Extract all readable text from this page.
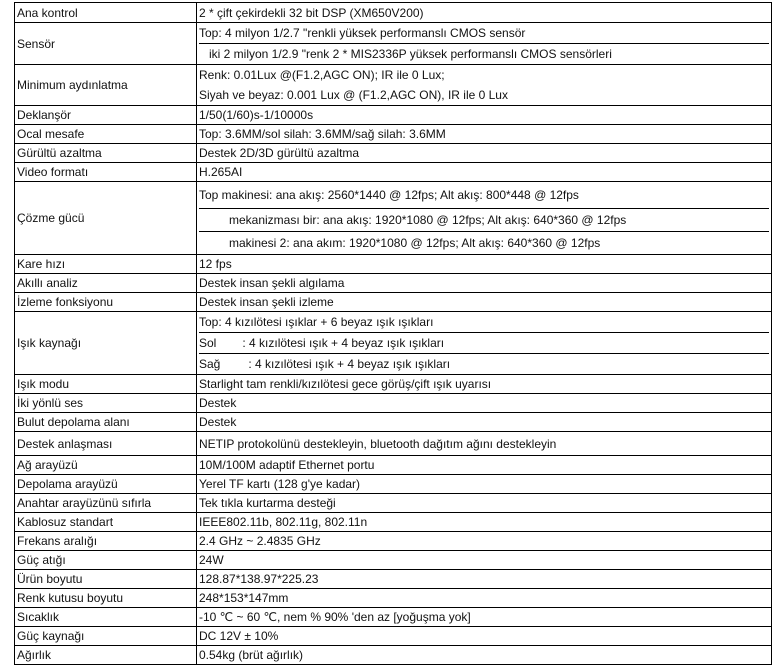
Ana kontrol	2 * çift çekirdekli 32 bit DSP (XM650V200)
Sensör	Top: 4 milyon 1/2.7 "renkli yüksek performanslı CMOS sensör
iki 2 milyon 1/2.9 "renk 2 * MIS2336P yüksek performanslı CMOS sensörleri

Minimum aydınlatma	Renk: 0.01Lux @(F1.2,AGC ON); IR ile 0 Lux;
Siyah ve beyaz: 0.001 Lux @ (F1.2,AGC ON), IR ile 0 Lux

Deklanşör	1/50(1/60)s-1/10000s
Ocal mesafe	Top: 3.6MM/sol silah: 3.6MM/sağ silah: 3.6MM
Gürültü azaltma	Destek 2D/3D gürültü azaltma
Video formatı	H.265AI
Çözme gücü	Top makinesi: ana akış: 2560*1440 @ 12fps; Alt akış: 800*448 @ 12fps
mekanizması bir: ana akış: 1920*1080 @ 12fps; Alt akış: 640*360 @ 12fps
makinesi 2: ana akım: 1920*1080 @ 12fps; Alt akış: 640*360 @ 12fps

Kare hızı	12 fps
Akıllı analiz	Destek insan şekli algılama
İzleme fonksiyonu	Destek insan şekli izleme
Işık kaynağı	Top: 4 kızılötesi ışıklar + 6 beyaz ışık ışıkları
Sol : 4 kızılötesi ışık + 4 beyaz ışık ışıkları
Sağ : 4 kızılötesi ışık + 4 beyaz ışık ışıkları

Işık modu	Starlight tam renkli/kızılötesi gece görüş/çift ışık uyarısı
İki yönlü ses	Destek
Bulut depolama alanı	Destek
Destek anlaşması	NETIP protokolünü destekleyin, bluetooth dağıtım ağını destekleyin
Ağ arayüzü	10M/100M adaptif Ethernet portu
Depolama arayüzü	Yerel TF kartı (128 g'ye kadar)
Anahtar arayüzünü sıfırla	Tek tıkla kurtarma desteği
Kablosuz standart	IEEE802.11b, 802.11g, 802.11n
Frekans aralığı	2.4 GHz ~ 2.4835 GHz
Güç atığı	24W
Ürün boyutu	128.87*138.97*225.23
Renk kutusu boyutu	248*153*147mm
Sıcaklık	-10 ℃ ~ 60 ℃, nem % 90% 'den az [yoğuşma yok]
Güç kaynağı	DC 12V ± 10%
Ağırlık	0.54kg (brüt ağırlık)
